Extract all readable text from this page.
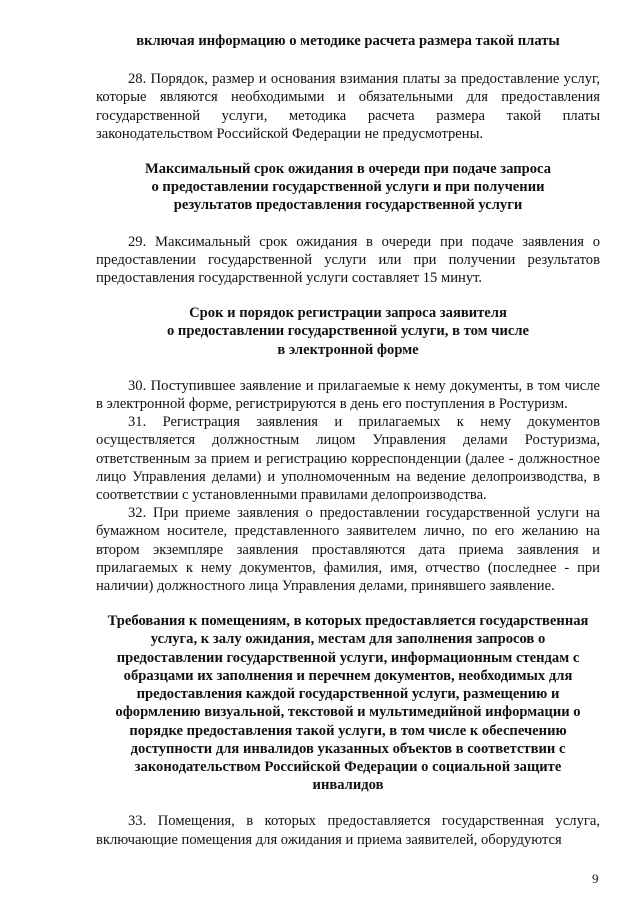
включая информацию о методике расчета размера такой платы

28. Порядок, размер и основания взимания платы за предоставление услуг, которые являются необходимыми и обязательными для предоставления государственной услуги, методика расчета размера такой платы законодательством Российской Федерации не предусмотрены.

Максимальный срок ожидания в очереди при подаче запроса
о предоставлении государственной услуги и при получении
результатов предоставления государственной услуги

29. Максимальный срок ожидания в очереди при подаче заявления о предоставлении государственной услуги или при получении результатов предоставления государственной услуги составляет 15 минут.

Срок и порядок регистрации запроса заявителя
о предоставлении государственной услуги, в том числе
в электронной форме

30. Поступившее заявление и прилагаемые к нему документы, в том числе в электронной форме, регистрируются в день его поступления в Ростуризм.

31. Регистрация заявления и прилагаемых к нему документов осуществляется должностным лицом Управления делами Ростуризма, ответственным за прием и регистрацию корреспонденции (далее - должностное лицо Управления делами) и уполномоченным на ведение делопроизводства, в соответствии с установленными правилами делопроизводства.

32. При приеме заявления о предоставлении государственной услуги на бумажном носителе, представленного заявителем лично, по его желанию на втором экземпляре заявления проставляются дата приема заявления и прилагаемых к нему документов, фамилия, имя, отчество (последнее - при наличии) должностного лица Управления делами, принявшего заявление.

Требования к помещениям, в которых предоставляется государственная
услуга, к залу ожидания, местам для заполнения запросов о
предоставлении государственной услуги, информационным стендам с
образцами их заполнения и перечнем документов, необходимых для
предоставления каждой государственной услуги, размещению и
оформлению визуальной, текстовой и мультимедийной информации о
порядке предоставления такой услуги, в том числе к обеспечению
доступности для инвалидов указанных объектов в соответствии с
законодательством Российской Федерации о социальной защите
инвалидов

33. Помещения, в которых предоставляется государственная услуга, включающие помещения для ожидания и приема заявителей, оборудуются

9
